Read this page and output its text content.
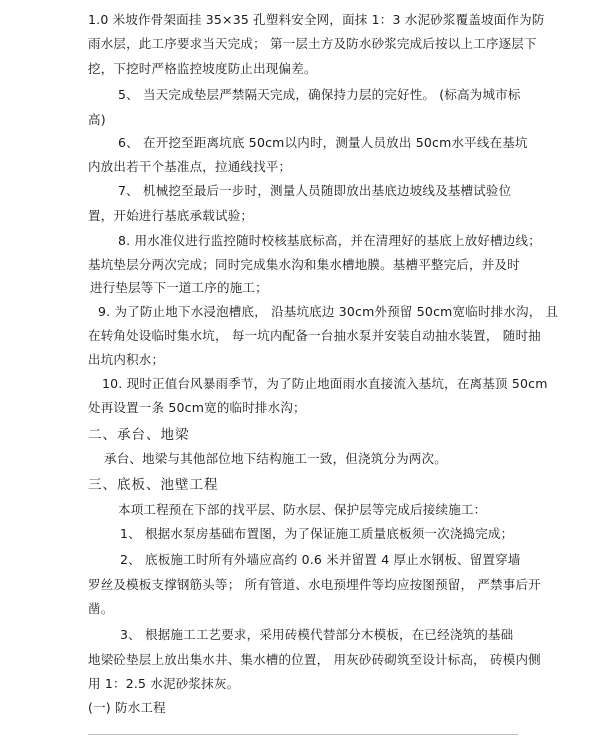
1.0 米坡作骨架面挂 35×35 孔塑料安全网，面抹 1：3 水泥砂浆覆盖坡面作为防
雨水层，此工序要求当天完成； 第一层土方及防水砂浆完成后按以上工序逐层下
挖，下挖时严格监控坡度防止出现偏差。
5、 当天完成垫层严禁隔天完成，确保持力层的完好性。 (标高为城市标
高)
6、 在开挖至距离坑底 50cm以内时，测量人员放出 50cm水平线在基坑
内放出若干个基准点，拉通线找平；
7、 机械挖至最后一步时，测量人员随即放出基底边坡线及基槽试验位
置，开始进行基底承载试验；
8. 用水准仪进行监控随时校核基底标高，并在清理好的基底上放好槽边线；
基坑垫层分两次完成；同时完成集水沟和集水槽地膜。基槽平整完后，并及时
进行垫层等下一道工序的施工；
9. 为了防止地下水浸泡槽底， 沿基坑底边 30cm外预留 50cm宽临时排水沟， 且
在转角处设临时集水坑， 每一坑内配备一台抽水泵并安装自动抽水装置， 随时抽
出坑内积水；
10. 现时正值台风暴雨季节，为了防止地面雨水直接流入基坑，在离基顶 50cm
处再设置一条 50cm宽的临时排水沟；
二、承台、地梁
承台、地梁与其他部位地下结构施工一致，但浇筑分为两次。
三、底板、池壁工程
本项工程预在下部的找平层、防水层、保护层等完成后接续施工：
1、 根据水泵房基础布置图，为了保证施工质量底板须一次浇捣完成；
2、 底板施工时所有外墙应高约 0.6 米并留置 4 厚止水钢板、留置穿墙
罗丝及模板支撑钢筋头等； 所有管道、水电预埋件等均应按图预留， 严禁事后开
凿。
3、 根据施工工艺要求，采用砖模代替部分木模板，在已经浇筑的基础
地梁砼垫层上放出集水井、集水槽的位置， 用灰砂砖砌筑至设计标高， 砖模内侧
用 1：2.5 水泥砂浆抹灰。
(一) 防水工程
